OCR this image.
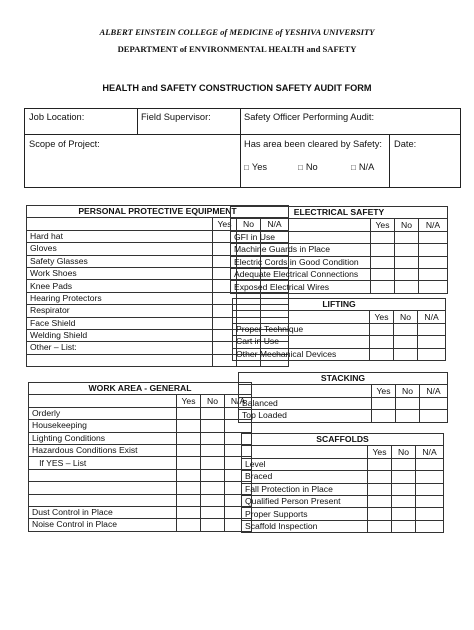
ALBERT EINSTEIN COLLEGE of MEDICINE of YESHIVA UNIVERSITY
DEPARTMENT of ENVIRONMENTAL HEALTH and SAFETY
HEALTH and SAFETY CONSTRUCTION SAFETY AUDIT FORM
Job Location:	Field Supervisor:	Safety Officer Performing Audit:
Scope of Project:	Has area been cleared by Safety: Date:
□ Yes	□ No	□ N/A
PERSONAL PROTECTIVE EQUIPMENT			
	Yes	No	N/A
Hard hat			
Gloves			
Safety Glasses			
Work Shoes			
Knee Pads			
Hearing Protectors			
Respirator			
Face Shield			
Welding Shield			
Other – List:			

ELECTRICAL SAFETY			
	Yes	No	N/A
GFI in Use			
Machine Guards in Place			
Electric Cords in Good Condition			
Adequate Electrical Connections			
Exposed Electrical Wires			
LIFTING			
	Yes	No	N/A
Proper Technique			
Cart in Use			
Other Mechanical Devices			
WORK AREA - GENERAL			
	Yes	No	N/A
Orderly			
Housekeeping			
Lighting Conditions			
Hazardous Conditions Exist			
If YES – List			

Dust Control in Place			
Noise Control in Place			
STACKING			
	Yes	No	N/A
Balanced			
Top Loaded			
SCAFFOLDS			
	Yes	No	N/A
Level			
Braced			
Fall Protection in Place			
Qualified Person Present			
Proper Supports			
Scaffold Inspection			
